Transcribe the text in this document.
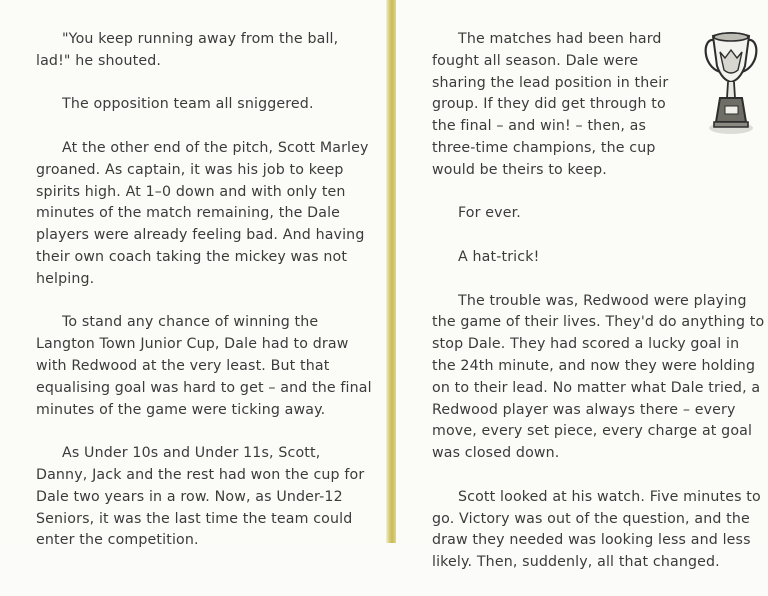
"You keep running away from the ball, lad!" he shouted.

The opposition team all sniggered.

At the other end of the pitch, Scott Marley groaned. As captain, it was his job to keep spirits high. At 1–0 down and with only ten minutes of the match remaining, the Dale players were already feeling bad. And having their own coach taking the mickey was not helping.

To stand any chance of winning the Langton Town Junior Cup, Dale had to draw with Redwood at the very least. But that equalising goal was hard to get – and the final minutes of the game were ticking away.

As Under 10s and Under 11s, Scott, Danny, Jack and the rest had won the cup for Dale two years in a row. Now, as Under-12 Seniors, it was the last time the team could enter the competition.

The matches had been hard fought all season. Dale were sharing the lead position in their group. If they did get through to the final – and win! – then, as three-time champions, the cup would be theirs to keep.

For ever.

A hat-trick!

The trouble was, Redwood were playing the game of their lives. They'd do anything to stop Dale. They had scored a lucky goal in the 24th minute, and now they were holding on to their lead. No matter what Dale tried, a Redwood player was always there – every move, every set piece, every charge at goal was closed down.

Scott looked at his watch. Five minutes to go. Victory was out of the question, and the draw they needed was looking less and less likely. Then, suddenly, all that changed.
